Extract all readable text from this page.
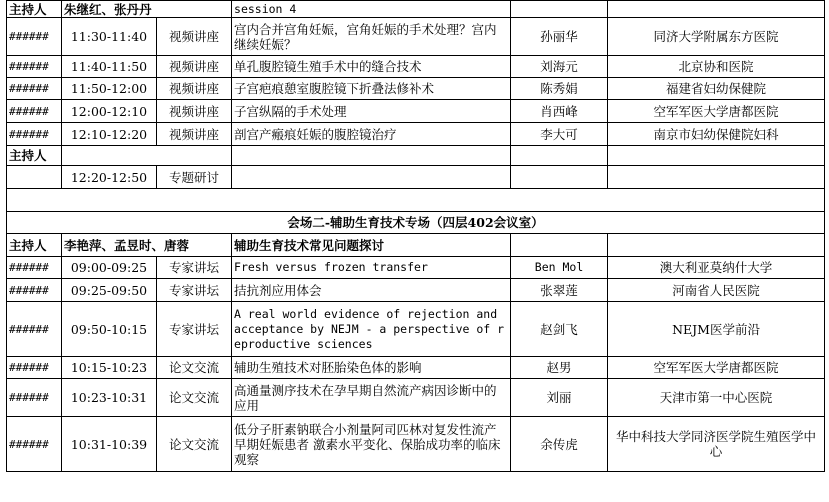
主持人	朱继红、张丹丹		session 4		
######	11:30-11:40	视频讲座	宫内合并宫角妊娠，宫角妊娠的手术处理？宫内继续妊娠？	孙丽华	同济大学附属东方医院
######	11:40-11:50	视频讲座	单孔腹腔镜生殖手术中的缝合技术	刘海元	北京协和医院
######	11:50-12:00	视频讲座	子宫疤痕憩室腹腔镜下折叠法修补术	陈秀娟	福建省妇幼保健院
######	12:00-12:10	视频讲座	子宫纵隔的手术处理	肖西峰	空军军医大学唐都医院
######	12:10-12:20	视频讲座	剖宫产瘢痕妊娠的腹腔镜治疗	李大可	南京市妇幼保健院妇科
主持人					
	12:20-12:50	专题研讨			

会场二-辅助生育技术专场（四层402会议室）					
主持人	李艳萍、孟昱时、唐蓉		辅助生育技术常见问题探讨		
######	09:00-09:25	专家讲坛	Fresh versus frozen transfer	Ben Mol	澳大利亚莫纳什大学
######	09:25-09:50	专家讲坛	拮抗剂应用体会	张翠莲	河南省人民医院
######	09:50-10:15	专家讲坛	A real world evidence of rejection and acceptance by NEJM - a perspective of reproductive sciences	赵剑飞	NEJM医学前沿
######	10:15-10:23	论文交流	辅助生殖技术对胚胎染色体的影响	赵男	空军军医大学唐都医院
######	10:23-10:31	论文交流	高通量测序技术在孕早期自然流产病因诊断中的应用	刘丽	天津市第一中心医院
######	10:31-10:39	论文交流	低分子肝素钠联合小剂量阿司匹林对复发性流产早期妊娠患者 激素水平变化、保胎成功率的临床观察	余传虎	华中科技大学同济医学院生殖医学中心
